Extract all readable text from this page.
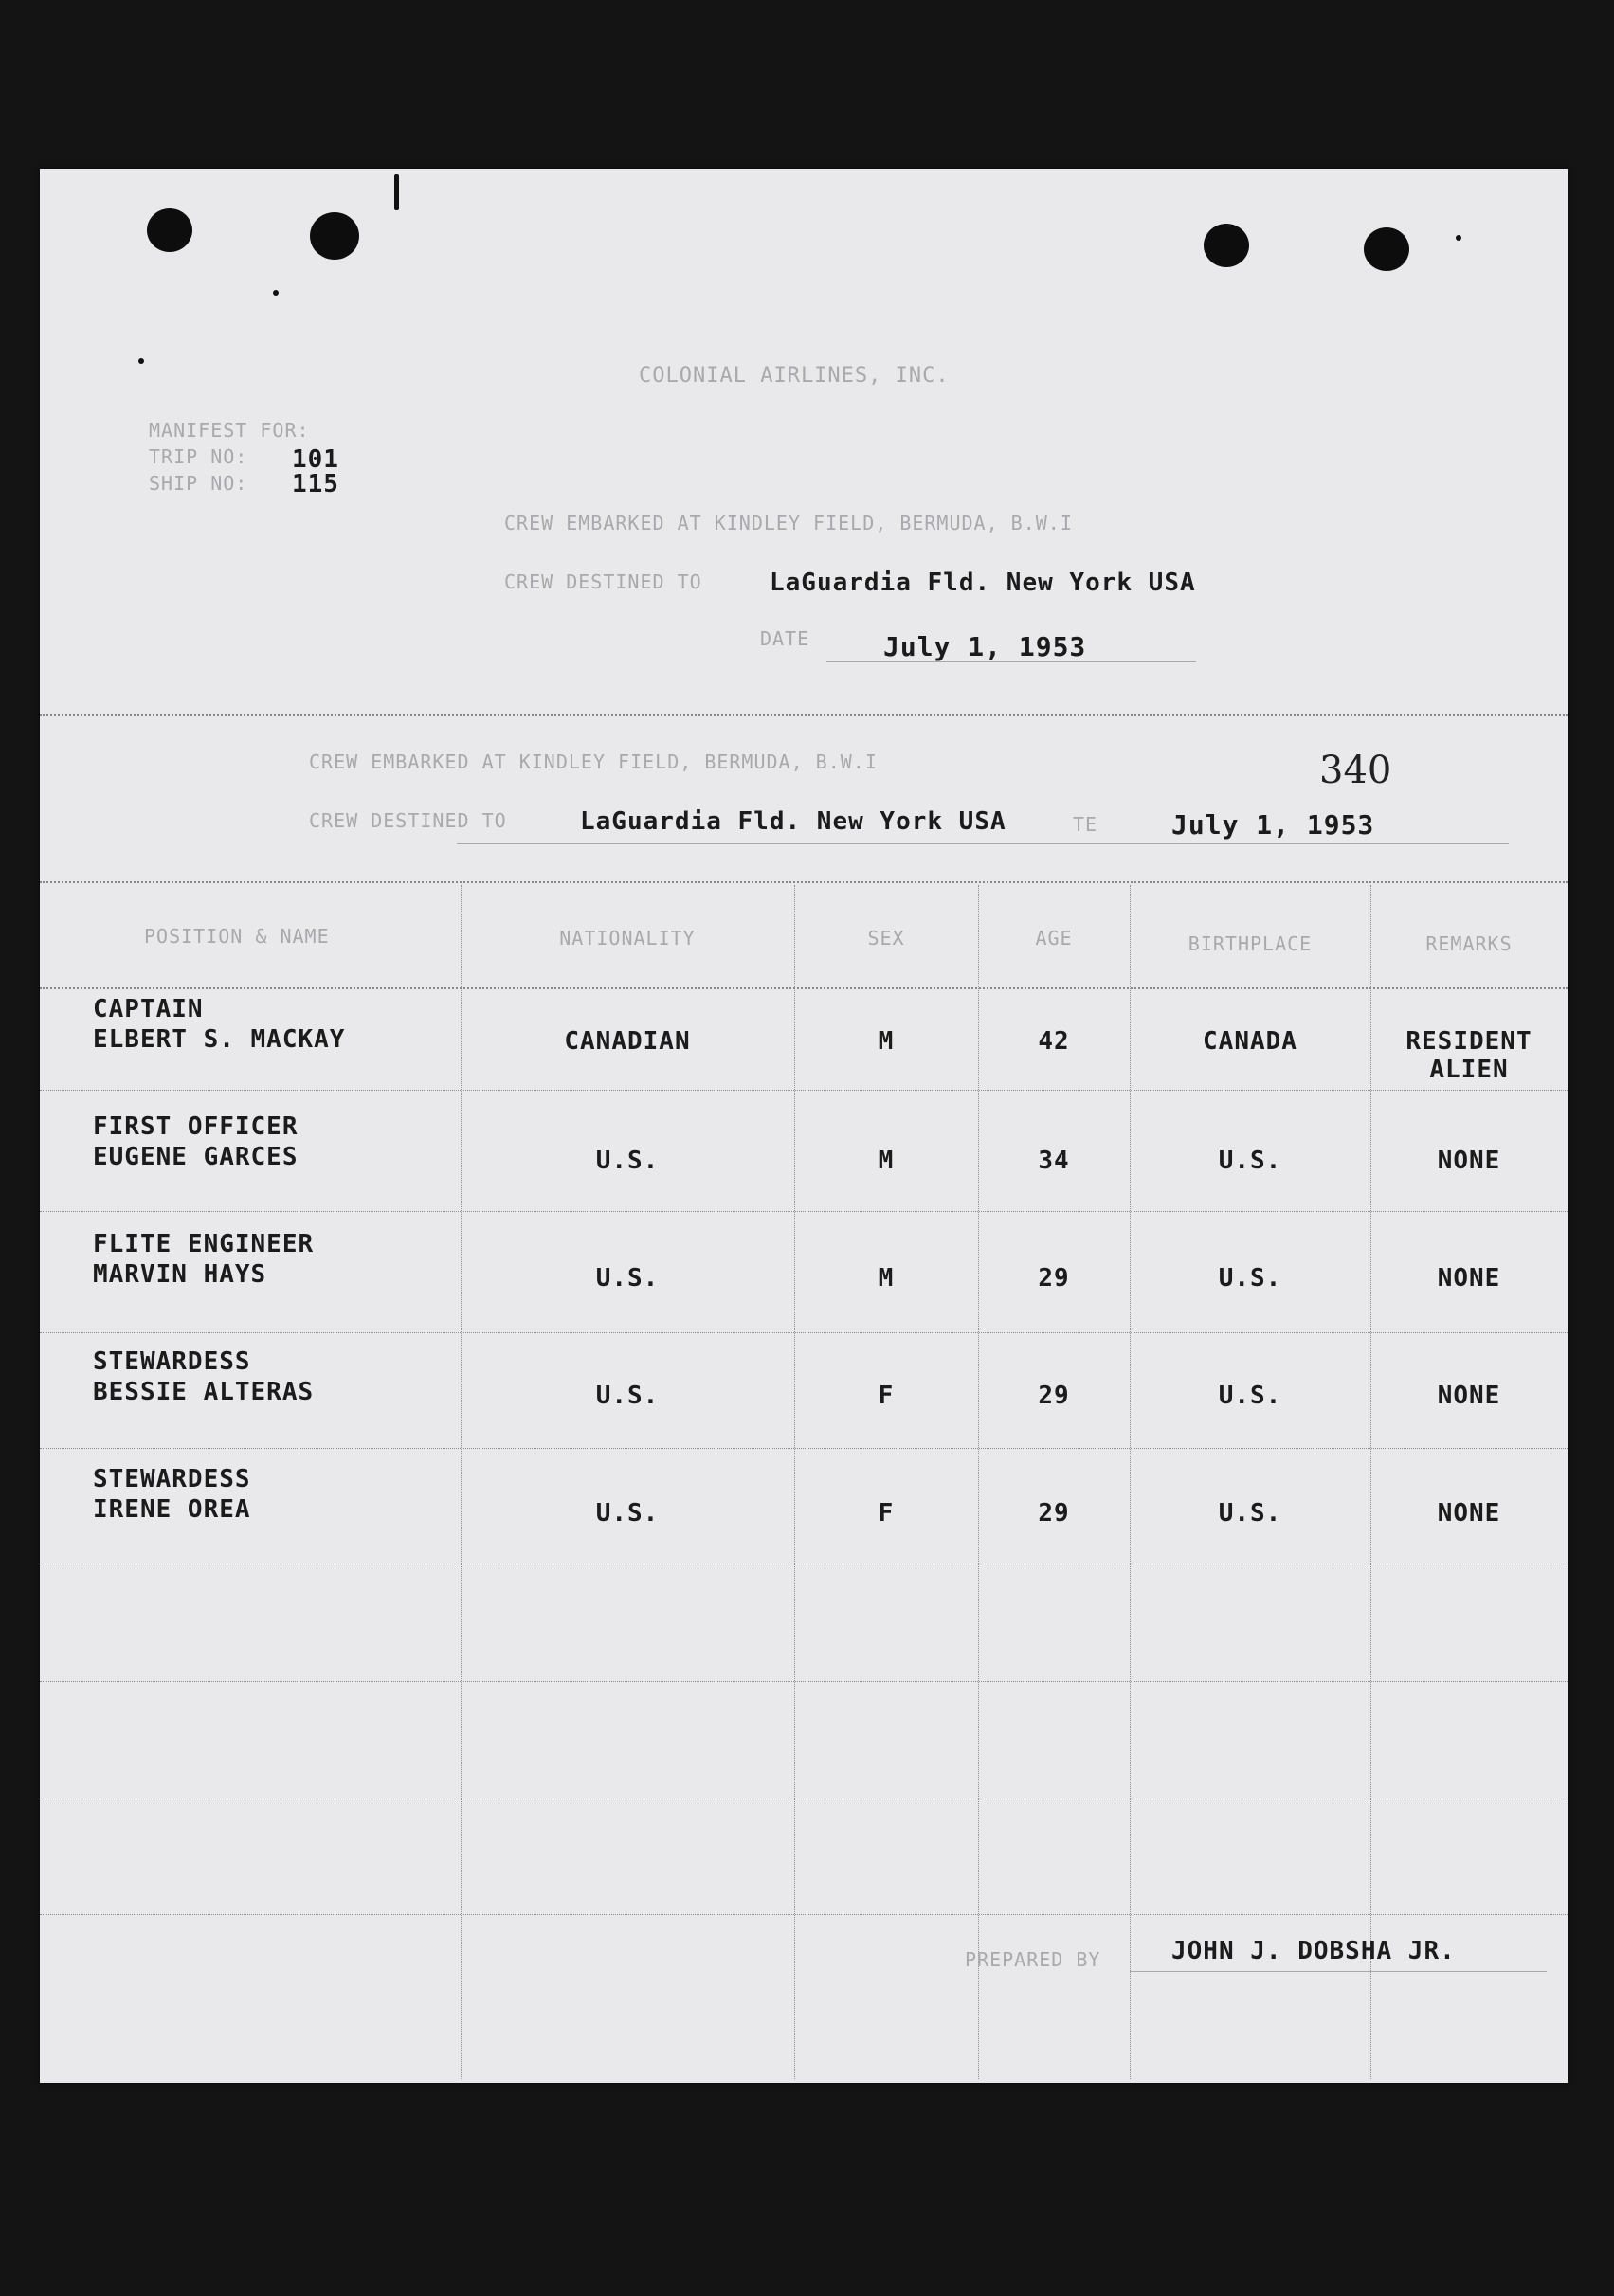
COLONIAL AIRLINES, INC.
MANIFEST FOR:
TRIP NO: 101
SHIP NO: 115
CREW EMBARKED AT KINDLEY FIELD, BERMUDA, B.W.I
CREW DESTINED TO	LaGuardia Fld. New York USA
DATE	July 1, 1953
CREW EMBARKED AT KINDLEY FIELD, BERMUDA, B.W.I	340
CREW DESTINED TO	LaGuardia Fld. New York USA	TE	July 1, 1953
POSITION & NAME	NATIONALITY	SEX	AGE	BIRTHPLACE	REMARKS
CAPTAIN
ELBERT S. MACKAY	CANADIAN	M	42	CANADA	RESIDENT
ALIEN
FIRST OFFICER
EUGENE GARCES	U.S.	M	34	U.S.	NONE
FLITE ENGINEER
MARVIN HAYS	U.S.	M	29	U.S.	NONE
STEWARDESS
BESSIE ALTERAS	U.S.	F	29	U.S.	NONE
STEWARDESS
IRENE OREA	U.S.	F	29	U.S.	NONE
PREPARED BY	JOHN J. DOBSHA JR.
